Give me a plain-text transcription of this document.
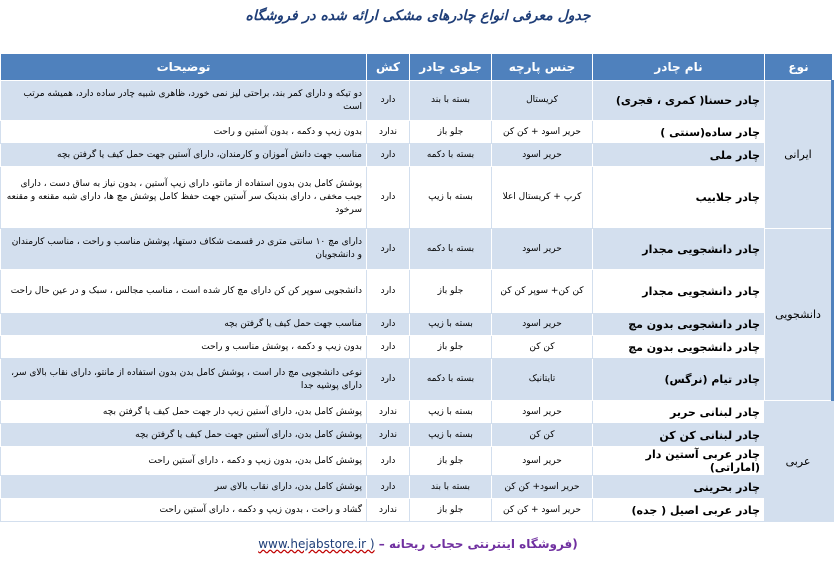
جدول معرفی انواع چادرهای مشکی ارائه شده در فروشگاه
نوع	نام چادر	جنس پارچه	جلوی چادر	کش	توضیحات
ایرانی	چادر حسنا( کمری ، قجری)	کریستال	بسته با بند	دارد	دو تیکه و دارای کمر بند، براحتی لیز نمی خورد، ظاهری شبیه چادر ساده دارد، همیشه مرتب است
	چادر ساده(سنتی )	حریر اسود + کن کن	جلو باز	ندارد	بدون زیپ و دکمه ، بدون آستین و راحت
	چادر ملی	حریر اسود	بسته با دکمه	دارد	مناسب جهت دانش آموزان و کارمندان، دارای آستین جهت حمل کیف یا گرفتن بچه
	چادر جلابیب	کرپ + کریستال اعلا	بسته با زیپ	دارد	پوشش کامل بدن بدون استفاده از مانتو، دارای زیپ آستین ، بدون نیاز به ساق دست ، دارای جیب مخفی ، دارای بندینک سر آستین جهت حفظ کامل پوشش مچ ها، دارای شبه مقنعه و مقنعه سرخود
دانشجویی	چادر دانشجویی مجدار	حریر اسود	بسته با دکمه	دارد	دارای مچ ۱۰ سانتی متری در قسمت شکاف دستها، پوشش مناسب و راحت ، مناسب کارمندان و دانشجویان
	چادر دانشجویی مجدار	کن کن+ سوپر کن کن	جلو باز	دارد	دانشجویی سوپر کن کن دارای مچ کار شده است ، مناسب مجالس ، سبک و در عین حال راحت
	چادر دانشجویی بدون مچ	حریر اسود	بسته با زیپ	دارد	مناسب جهت حمل کیف یا گرفتن بچه
	چادر دانشجویی بدون مچ	کن کن	جلو باز	دارد	بدون زیپ و دکمه ، پوشش مناسب و راحت
	چادر تیام (نرگس)	تایتانیک	بسته با دکمه	دارد	نوعی دانشجویی مچ دار است ، پوشش کامل بدن بدون استفاده از مانتو، دارای نقاب بالای سر، دارای پوشیه جدا
عربی	چادر لبنانی حریر	حریر اسود	بسته با زیپ	ندارد	پوشش کامل بدن، دارای آستین زیپ دار جهت حمل کیف یا گرفتن بچه
	چادر لبنانی کن کن	کن کن	بسته با زیپ	ندارد	پوشش کامل بدن، دارای آستین جهت حمل کیف یا گرفتن بچه
	چادر عربی آستین دار (اماراتی)	حریر اسود	جلو باز	دارد	پوشش کامل بدن، بدون زیپ و دکمه ، دارای آستین راحت
	چادر بحرینی	حریر اسود+ کن کن	بسته با بند	دارد	پوشش کامل بدن، دارای نقاب بالای سر
	چادر عربی اصیل ( جده)	حریر اسود + کن کن	جلو باز	ندارد	گشاد و راحت ، بدون زیپ و دکمه ، دارای آستین راحت
(فروشگاه اینترنتی حجاب ریحانه – www.hejabstore.ir )
